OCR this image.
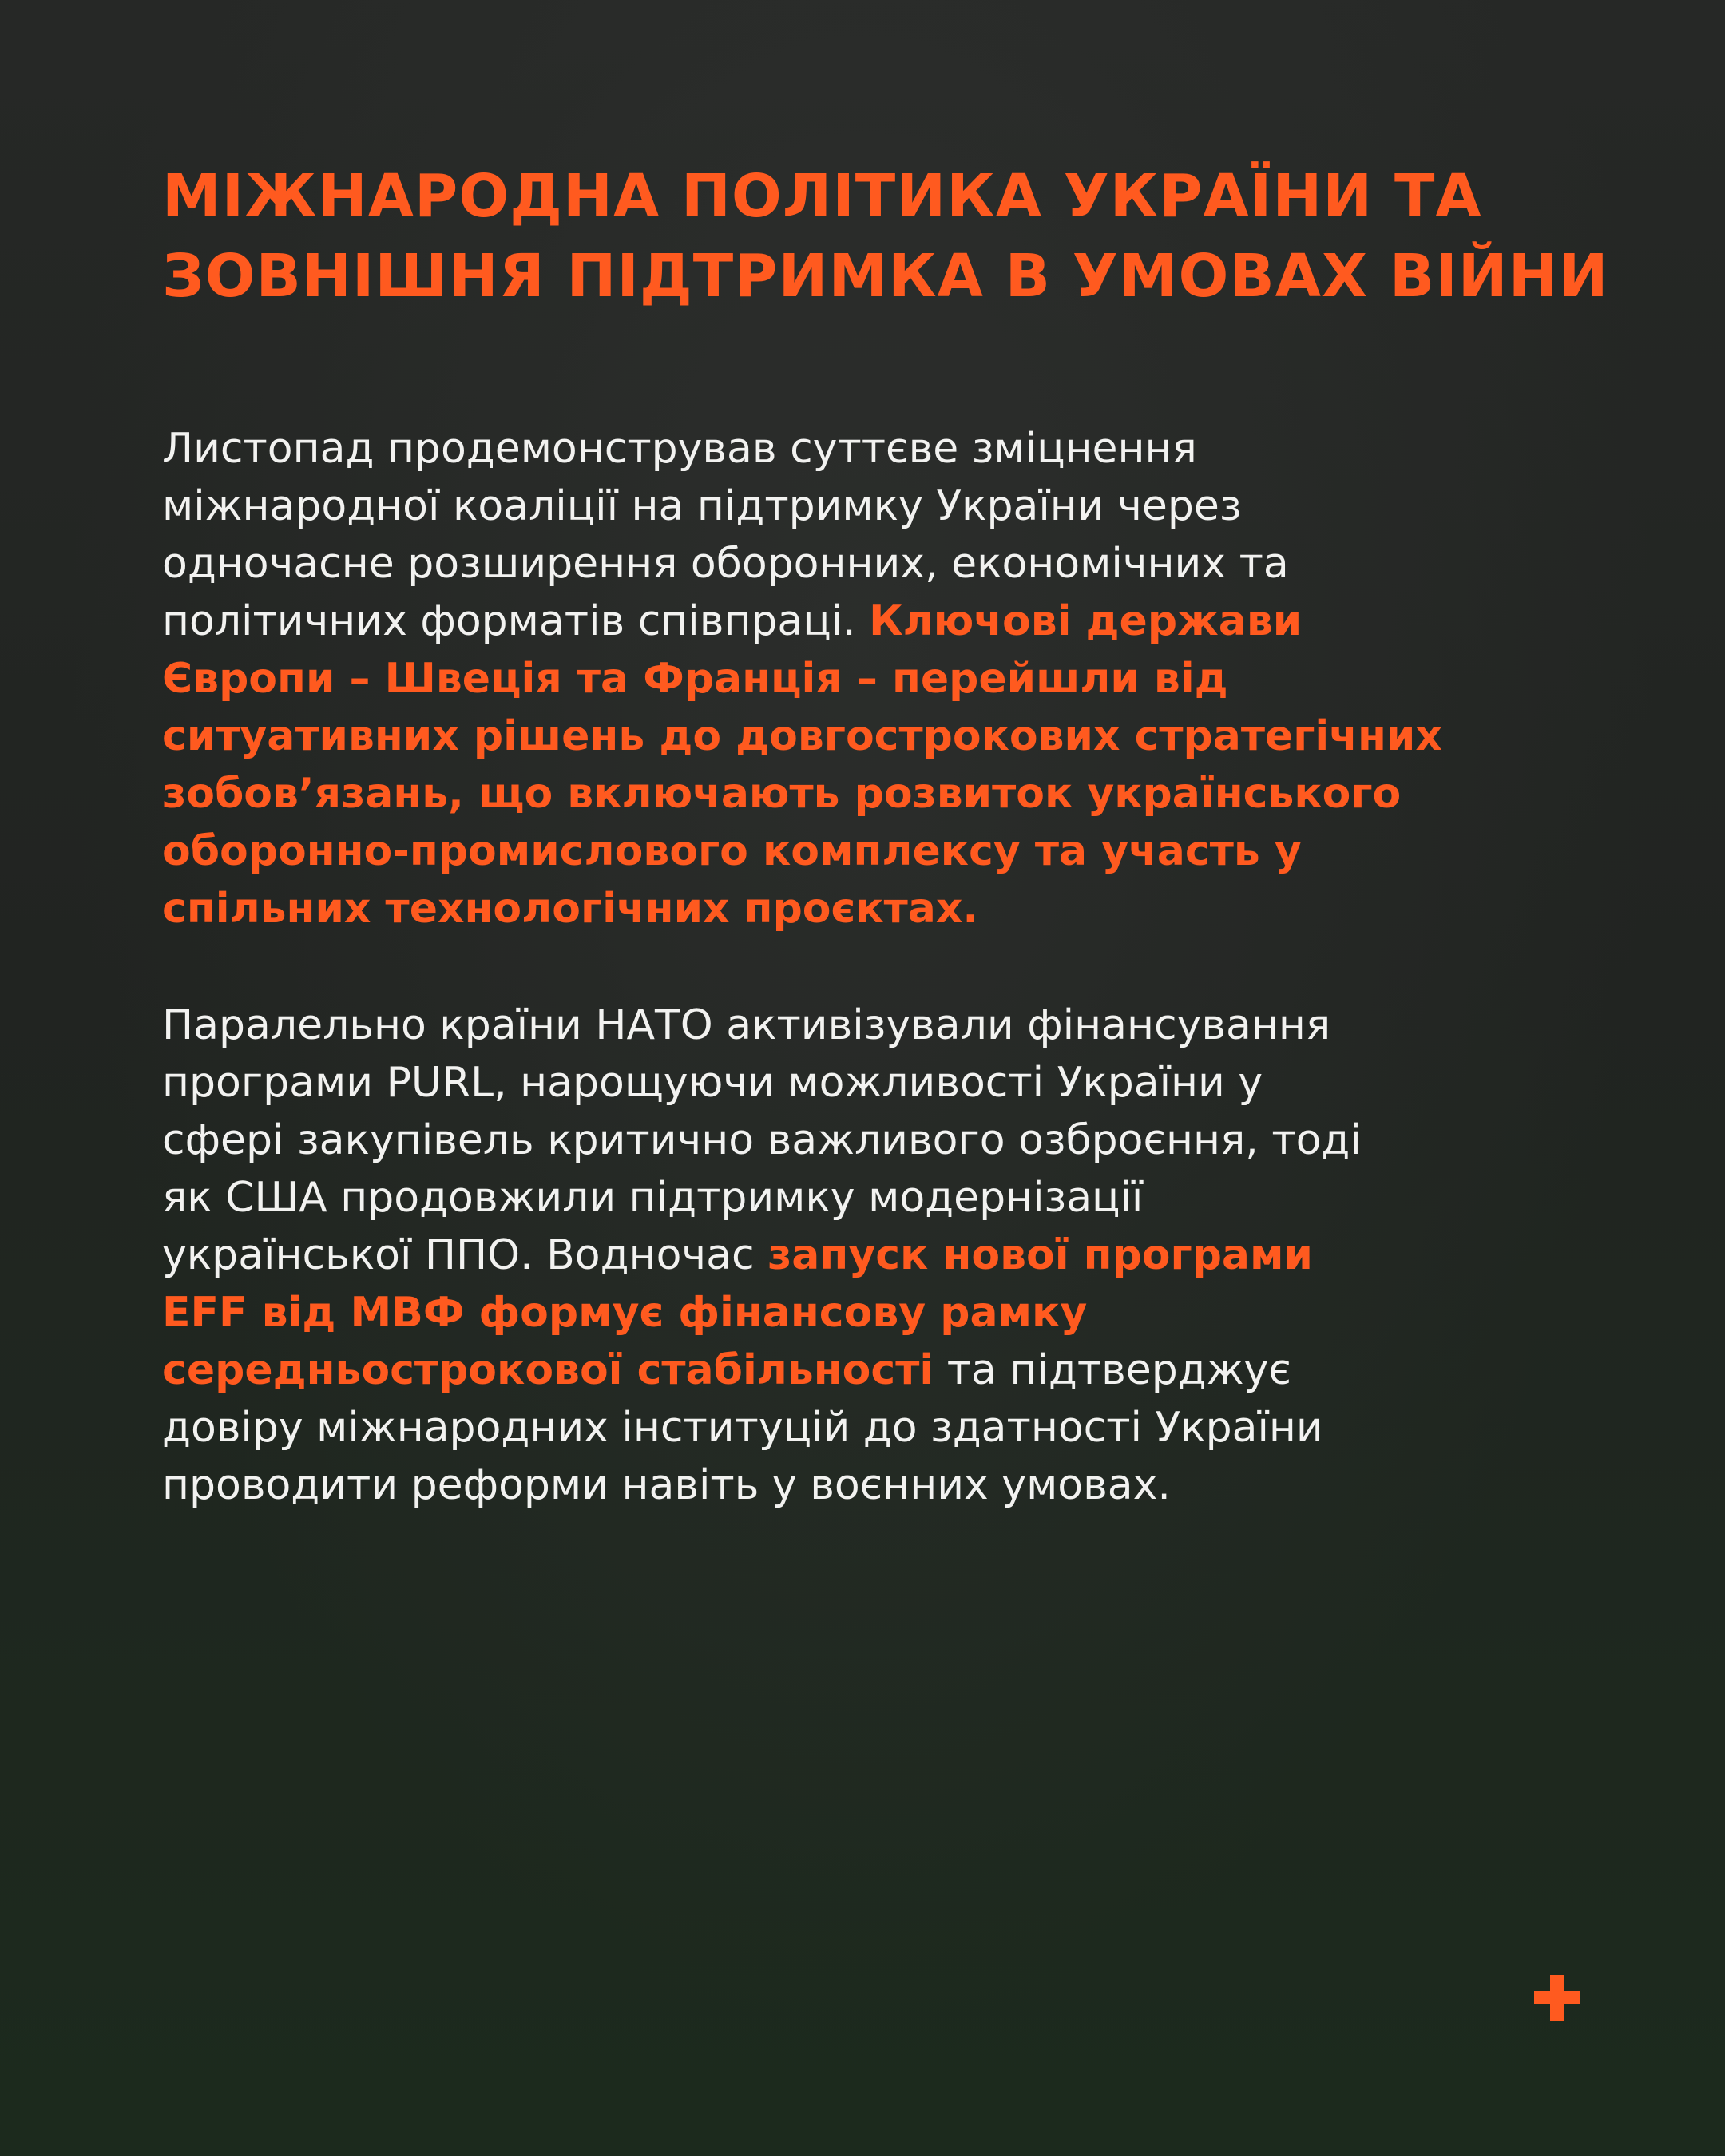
МІЖНАРОДНА ПОЛІТИКА УКРАЇНИ ТА
ЗОВНІШНЯ ПІДТРИМКА В УМОВАХ ВІЙНИ

Листопад продемонстрував суттєве зміцнення
міжнародної коаліції на підтримку України через
одночасне розширення оборонних, економічних та
політичних форматів співпраці. Ключові держави
Європи – Швеція та Франція – перейшли від
ситуативних рішень до довгострокових стратегічних
зобов’язань, що включають розвиток українського
оборонно-промислового комплексу та участь у
спільних технологічних проєктах.

Паралельно країни НАТО активізували фінансування
програми PURL, нарощуючи можливості України у
сфері закупівель критично важливого озброєння, тоді
як США продовжили підтримку модернізації
української ППО. Водночас запуск нової програми
EFF від МВФ формує фінансову рамку
середньострокової стабільності та підтверджує
довіру міжнародних інституцій до здатності України
проводити реформи навіть у воєнних умовах.
